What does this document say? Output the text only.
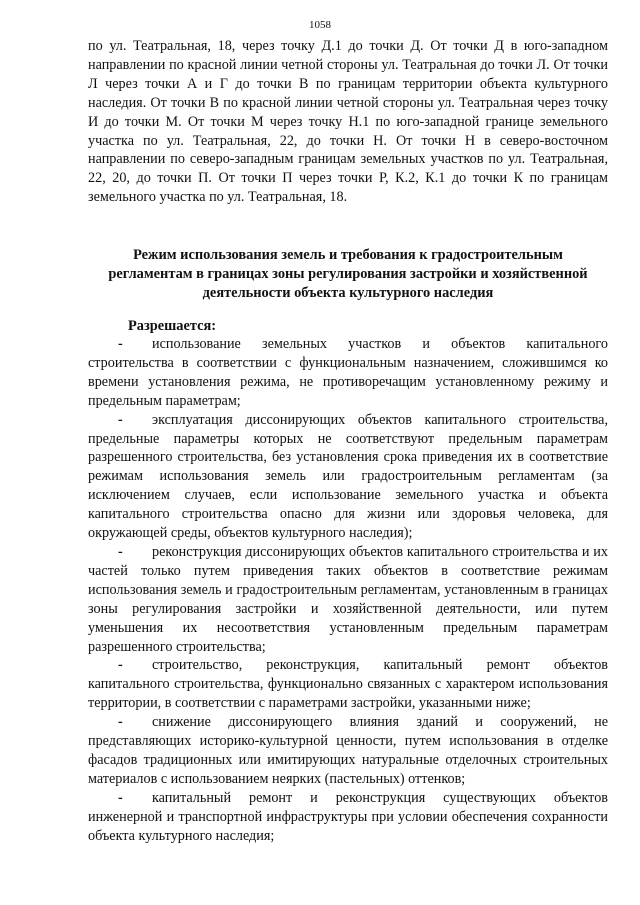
1058

по ул. Театральная, 18, через точку Д.1 до точки Д. От точки Д в юго-западном направлении по красной линии четной стороны ул. Театральная до точки Л. От точки Л через точки А и Г до точки В по границам территории объекта культурного наследия. От точки В по красной линии четной стороны ул. Театральная через точку И до точки М. От точки М через точку Н.1 по юго-западной границе земельного участка по ул. Театральная, 22, до точки Н. От точки Н в северо-восточном направлении по северо-западным границам земельных участков по ул. Театральная, 22, 20, до точки П. От точки П через точки Р, К.2, К.1 до точки К по границам земельного участка по ул. Театральная, 18.

Режим использования земель и требования к градостроительным
регламентам в границах зоны регулирования застройки и хозяйственной
деятельности объекта культурного наследия
Разрешается:
- использование земельных участков и объектов капитального строительства в соответствии с функциональным назначением, сложившимся ко времени установления режима, не противоречащим установленному режиму и предельным параметрам;
- эксплуатация диссонирующих объектов капитального строительства, предельные параметры которых не соответствуют предельным параметрам разрешенного строительства, без установления срока приведения их в соответствие режимам использования земель или градостроительным регламентам (за исключением случаев, если использование земельного участка и объекта капитального строительства опасно для жизни или здоровья человека, для окружающей среды, объектов культурного наследия);
- реконструкция диссонирующих объектов капитального строительства и их частей только путем приведения таких объектов в соответствие режимам использования земель и градостроительным регламентам, установленным в границах зоны регулирования застройки и хозяйственной деятельности, или путем уменьшения их несоответствия установленным предельным параметрам разрешенного строительства;
- строительство, реконструкция, капитальный ремонт объектов капитального строительства, функционально связанных с характером использования территории, в соответствии с параметрами застройки, указанными ниже;
- снижение диссонирующего влияния зданий и сооружений, не представляющих историко-культурной ценности, путем использования в отделке фасадов традиционных или имитирующих натуральные отделочных строительных материалов с использованием неярких (пастельных) оттенков;
- капитальный ремонт и реконструкция существующих объектов инженерной и транспортной инфраструктуры при условии обеспечения сохранности объекта культурного наследия;
